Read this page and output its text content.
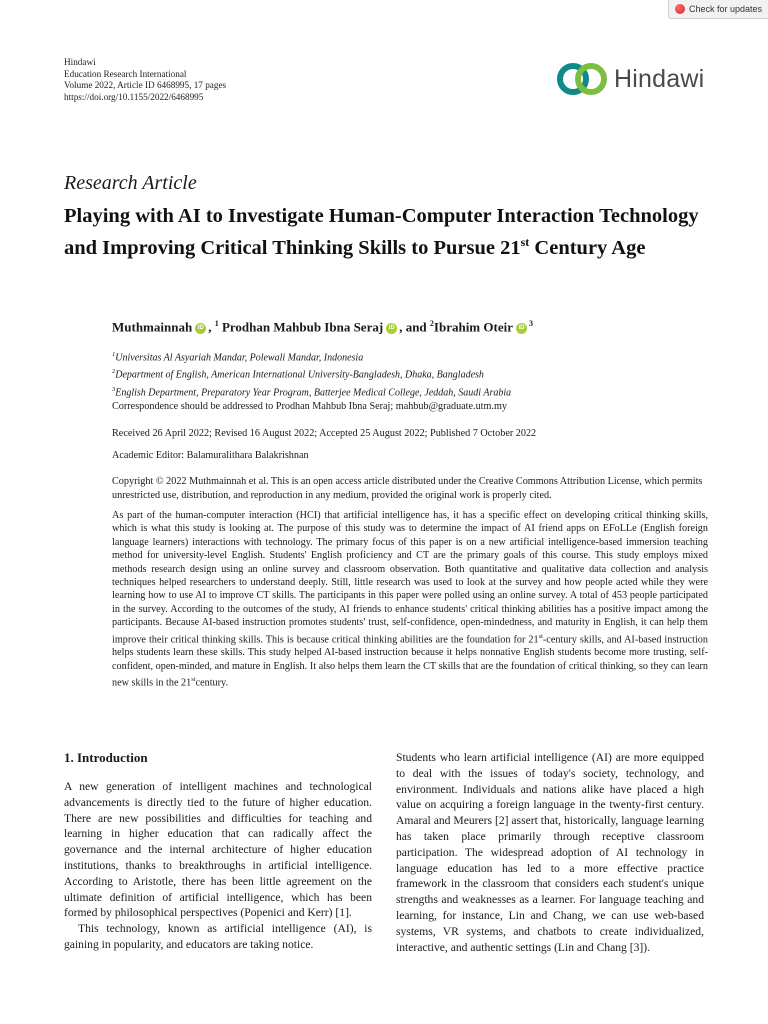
Check for updates
Hindawi
Education Research International
Volume 2022, Article ID 6468995, 17 pages
https://doi.org/10.1155/2022/6468995
Hindawi
Research Article
Playing with AI to Investigate Human-Computer Interaction Technology and Improving Critical Thinking Skills to Pursue 21st Century Age
Muthmainnah iD , $^1$ Prodhan Mahbub Ibna Seraj iD , and $^2$Ibrahim Oteir iD $^3$
$^1$Universitas Al Asyariah Mandar, Polewali Mandar, Indonesia
$^2$Department of English, American International University-Bangladesh, Dhaka, Bangladesh
$^3$English Department, Preparatory Year Program, Batterjee Medical College, Jeddah, Saudi Arabia
Correspondence should be addressed to Prodhan Mahbub Ibna Seraj; mahbub@graduate.utm.my
Received 26 April 2022; Revised 16 August 2022; Accepted 25 August 2022; Published 7 October 2022
Academic Editor: Balamuralithara Balakrishnan
Copyright © 2022 Muthmainnah et al. This is an open access article distributed under the Creative Commons Attribution License, which permits unrestricted use, distribution, and reproduction in any medium, provided the original work is properly cited.
As part of the human-computer interaction (HCI) that artificial intelligence has, it has a specific effect on developing critical thinking skills, which is what this study is looking at. The purpose of this study was to determine the impact of AI friend apps on EFoLLe (English foreign language learners) interactions with technology. The primary focus of this paper is on a new artificial intelligence-based immersion teaching method for university-level English. Students' English proficiency and CT are the primary goals of this course. This study employs mixed methods research design using an online survey and classroom observation. Both quantitative and qualitative data collection and analysis techniques helped researchers to understand deeply. Still, little research was used to look at the survey and how people acted while they were learning how to use AI to improve CT skills. The participants in this paper were polled using an online survey. A total of 453 people participated in the survey. According to the outcomes of the study, AI friends to enhance students' critical thinking abilities has a positive impact among the participants. Because AI-based instruction promotes students' trust, self-confidence, open-mindedness, and maturity in English, it can help them improve their critical thinking skills. This is because critical thinking abilities are the foundation for 21st-century skills, and AI-based instruction helps students learn these skills. This study helped AI-based instruction because it helps nonnative English students become more trusting, self-confident, open-minded, and mature in English. It also helps them learn the CT skills that are the foundation of critical thinking, so they can learn new skills in the 21stcentury.
1. Introduction

A new generation of intelligent machines and technological advancements is directly tied to the future of higher education. There are new possibilities and difficulties for teaching and learning in higher education that can radically affect the governance and the internal architecture of higher education institutions, thanks to breakthroughs in artificial intelligence. According to Aristotle, there has been little agreement on the ultimate definition of artificial intelligence, which has been formed by philosophical perspectives (Popenici and Kerr) [1].

This technology, known as artificial intelligence (AI), is gaining in popularity, and educators are taking notice.

Students who learn artificial intelligence (AI) are more equipped to deal with the issues of today's society, technology, and environment. Individuals and nations alike have placed a high value on acquiring a foreign language in the twenty-first century. Amaral and Meurers [2] assert that, historically, language learning has taken place primarily through receptive classroom participation. The widespread adoption of AI technology in language education has led to a more effective practice framework in the classroom that considers each student's unique strengths and weaknesses as a learner. For language teaching and learning, for instance, Lin and Chang, we can use web-based systems, VR systems, and chatbots to create individualized, interactive, and authentic settings (Lin and Chang [3]).
